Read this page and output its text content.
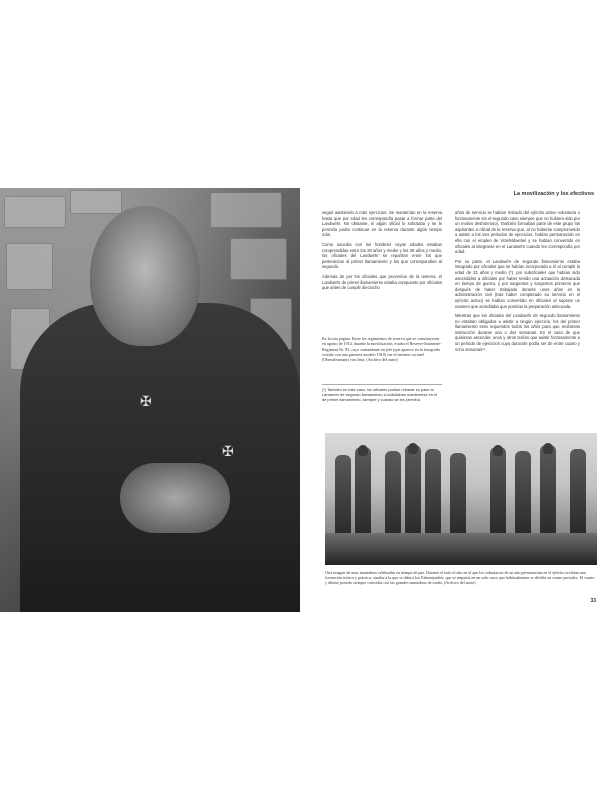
✠
✠
La movilización y los efectivos

seguir asistiendo a más ejercicios. Se mantenían en la reserva hasta que por edad les correspondía pasar a formar parte del Landwehr. No obstante, si algún oficial lo solicitaba y se le permitía podía continuar en la reserva durante algún tiempo más.

Como sucedía con los hombres cuyas edades estaban comprendidas entre los 28 años y medio y los 39 años y medio, los oficiales del Landwehr se repartían entre los que pertenecían al primer llamamiento y los que correspondían al segundo.

Además de por los oficiales que provenían de la reserva, el Landwehr de primer llamamiento estaba compuesto por oficiales que antes de cumplir dieciocho

años de servicio se habían retirado del ejército activo voluntaria o forzosamente sin el segundo caso siempre que no hubiera sido por un motivo deshonroso). También formaban parte de este grupo los aspirantes a oficial de la reserva que, al no haberse comprometido a asistir a los tres periodos de ejercicios, habían permanecido en ella con el empleo de Vizefeldwebel y se habían convertido en oficiales al integrarse en el Landwehr cuando les correspondía por edad.

Por su parte, el Landwehr de segundo llamamiento estaba integrado por oficiales que se habían incorporado a él al cumplir la edad de 31 años y medio (*), por suboficiales que habían sido ascendidos a oficiales por haber tenido una actuación destacada en tiempo de guerra, y por sargentos y sargentos primeros que después de haber trabajado durante unos años en la administración civil (tras haber completado su servicio en el ejército activo) se habían convertido en oficiales al superar un examen que acreditaba que poseían la preparación adecuada.

Mientras que los oficiales del Landwehr de segundo llamamiento no estaban obligados a asistir a ningún ejercicio, los del primer llamamiento eran requeridos todos los años para que recibieran instrucción durante una o dos semanas. En el caso de que quisieran ascender, unos y otros tenían que asistir forzosamente a un periodo de ejercicios cuya duración podía ser de entre cuatro y ocho semanas¹¹.

En la otra página. Entre los regimientos de reserva que se constituyeron en agosto de 1914, durante la movilización, estaba el Reserve-Infanterie-Regiment Nr. 93, cuyo comandante en jefe (que aparece en la fotografía vestido con una guerrera modelo 1910) fue el teniente coronel (Oberstleutnant) von Jena. (Archivo del autor)
(*) También en este caso, los oficiales podían retrasar su pase al Landwehr de segundo llamamiento si solicitaban mantenerse en el de primer llamamiento, siempre y cuando se les permitía.
Otra imagen de unas maniobras celebradas en tiempo de paz. Durante el todo el año en el que los voluntarios de un año permanecían en el ejército recibían una formación teórica y práctica, similar a la que se daba a los Fahnenjunker, que se impartía en un solo curso que habitualmente se dividía en cuatro periodos. El cuarto y último periodo siempre coincidía con las grandes maniobras de otoño. (Archivo del autor)
33
